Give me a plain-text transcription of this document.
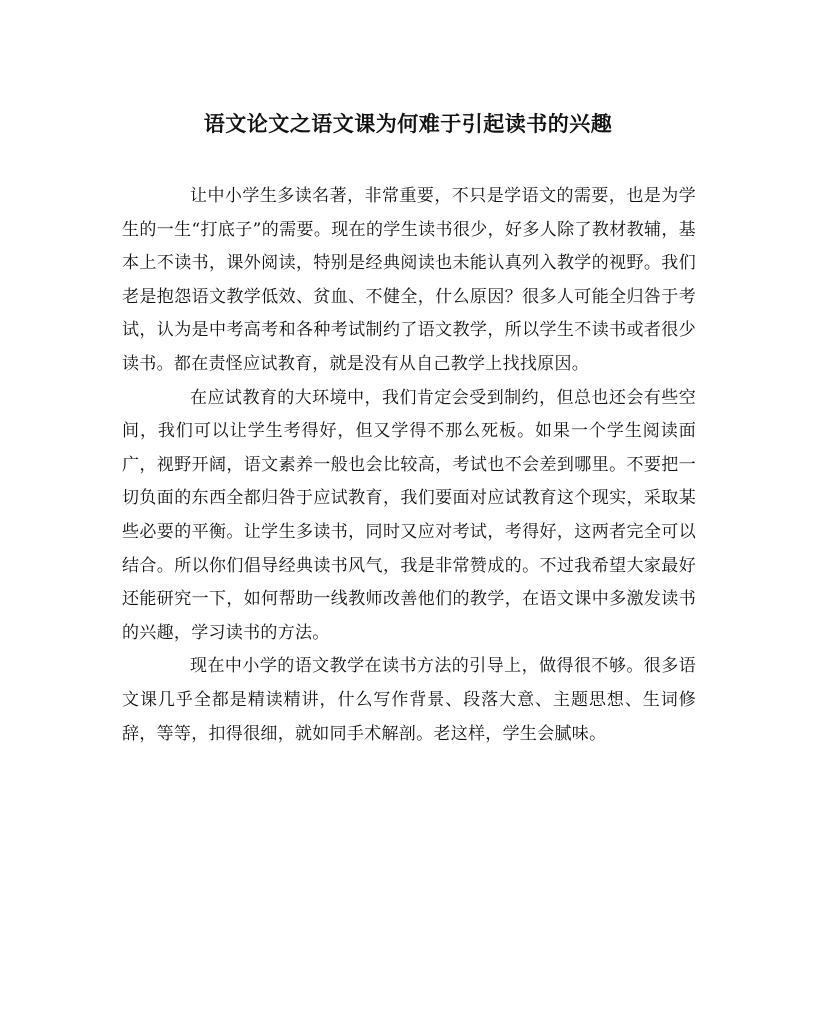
语文论文之语文课为何难于引起读书的兴趣

让中小学生多读名著，非常重要，不只是学语文的需要，也是为学生的一生“打底子”的需要。现在的学生读书很少，好多人除了教材教辅，基本上不读书，课外阅读，特别是经典阅读也未能认真列入教学的视野。我们老是抱怨语文教学低效、贫血、不健全，什么原因？很多人可能全归咎于考试，认为是中考高考和各种考试制约了语文教学，所以学生不读书或者很少读书。都在责怪应试教育，就是没有从自己教学上找找原因。

在应试教育的大环境中，我们肯定会受到制约，但总也还会有些空间，我们可以让学生考得好，但又学得不那么死板。如果一个学生阅读面广，视野开阔，语文素养一般也会比较高，考试也不会差到哪里。不要把一切负面的东西全都归咎于应试教育，我们要面对应试教育这个现实，采取某些必要的平衡。让学生多读书，同时又应对考试，考得好，这两者完全可以结合。所以你们倡导经典读书风气，我是非常赞成的。不过我希望大家最好还能研究一下，如何帮助一线教师改善他们的教学，在语文课中多激发读书的兴趣，学习读书的方法。

现在中小学的语文教学在读书方法的引导上，做得很不够。很多语文课几乎全都是精读精讲，什么写作背景、段落大意、主题思想、生词修辞，等等，扣得很细，就如同手术解剖。老这样，学生会腻味。
